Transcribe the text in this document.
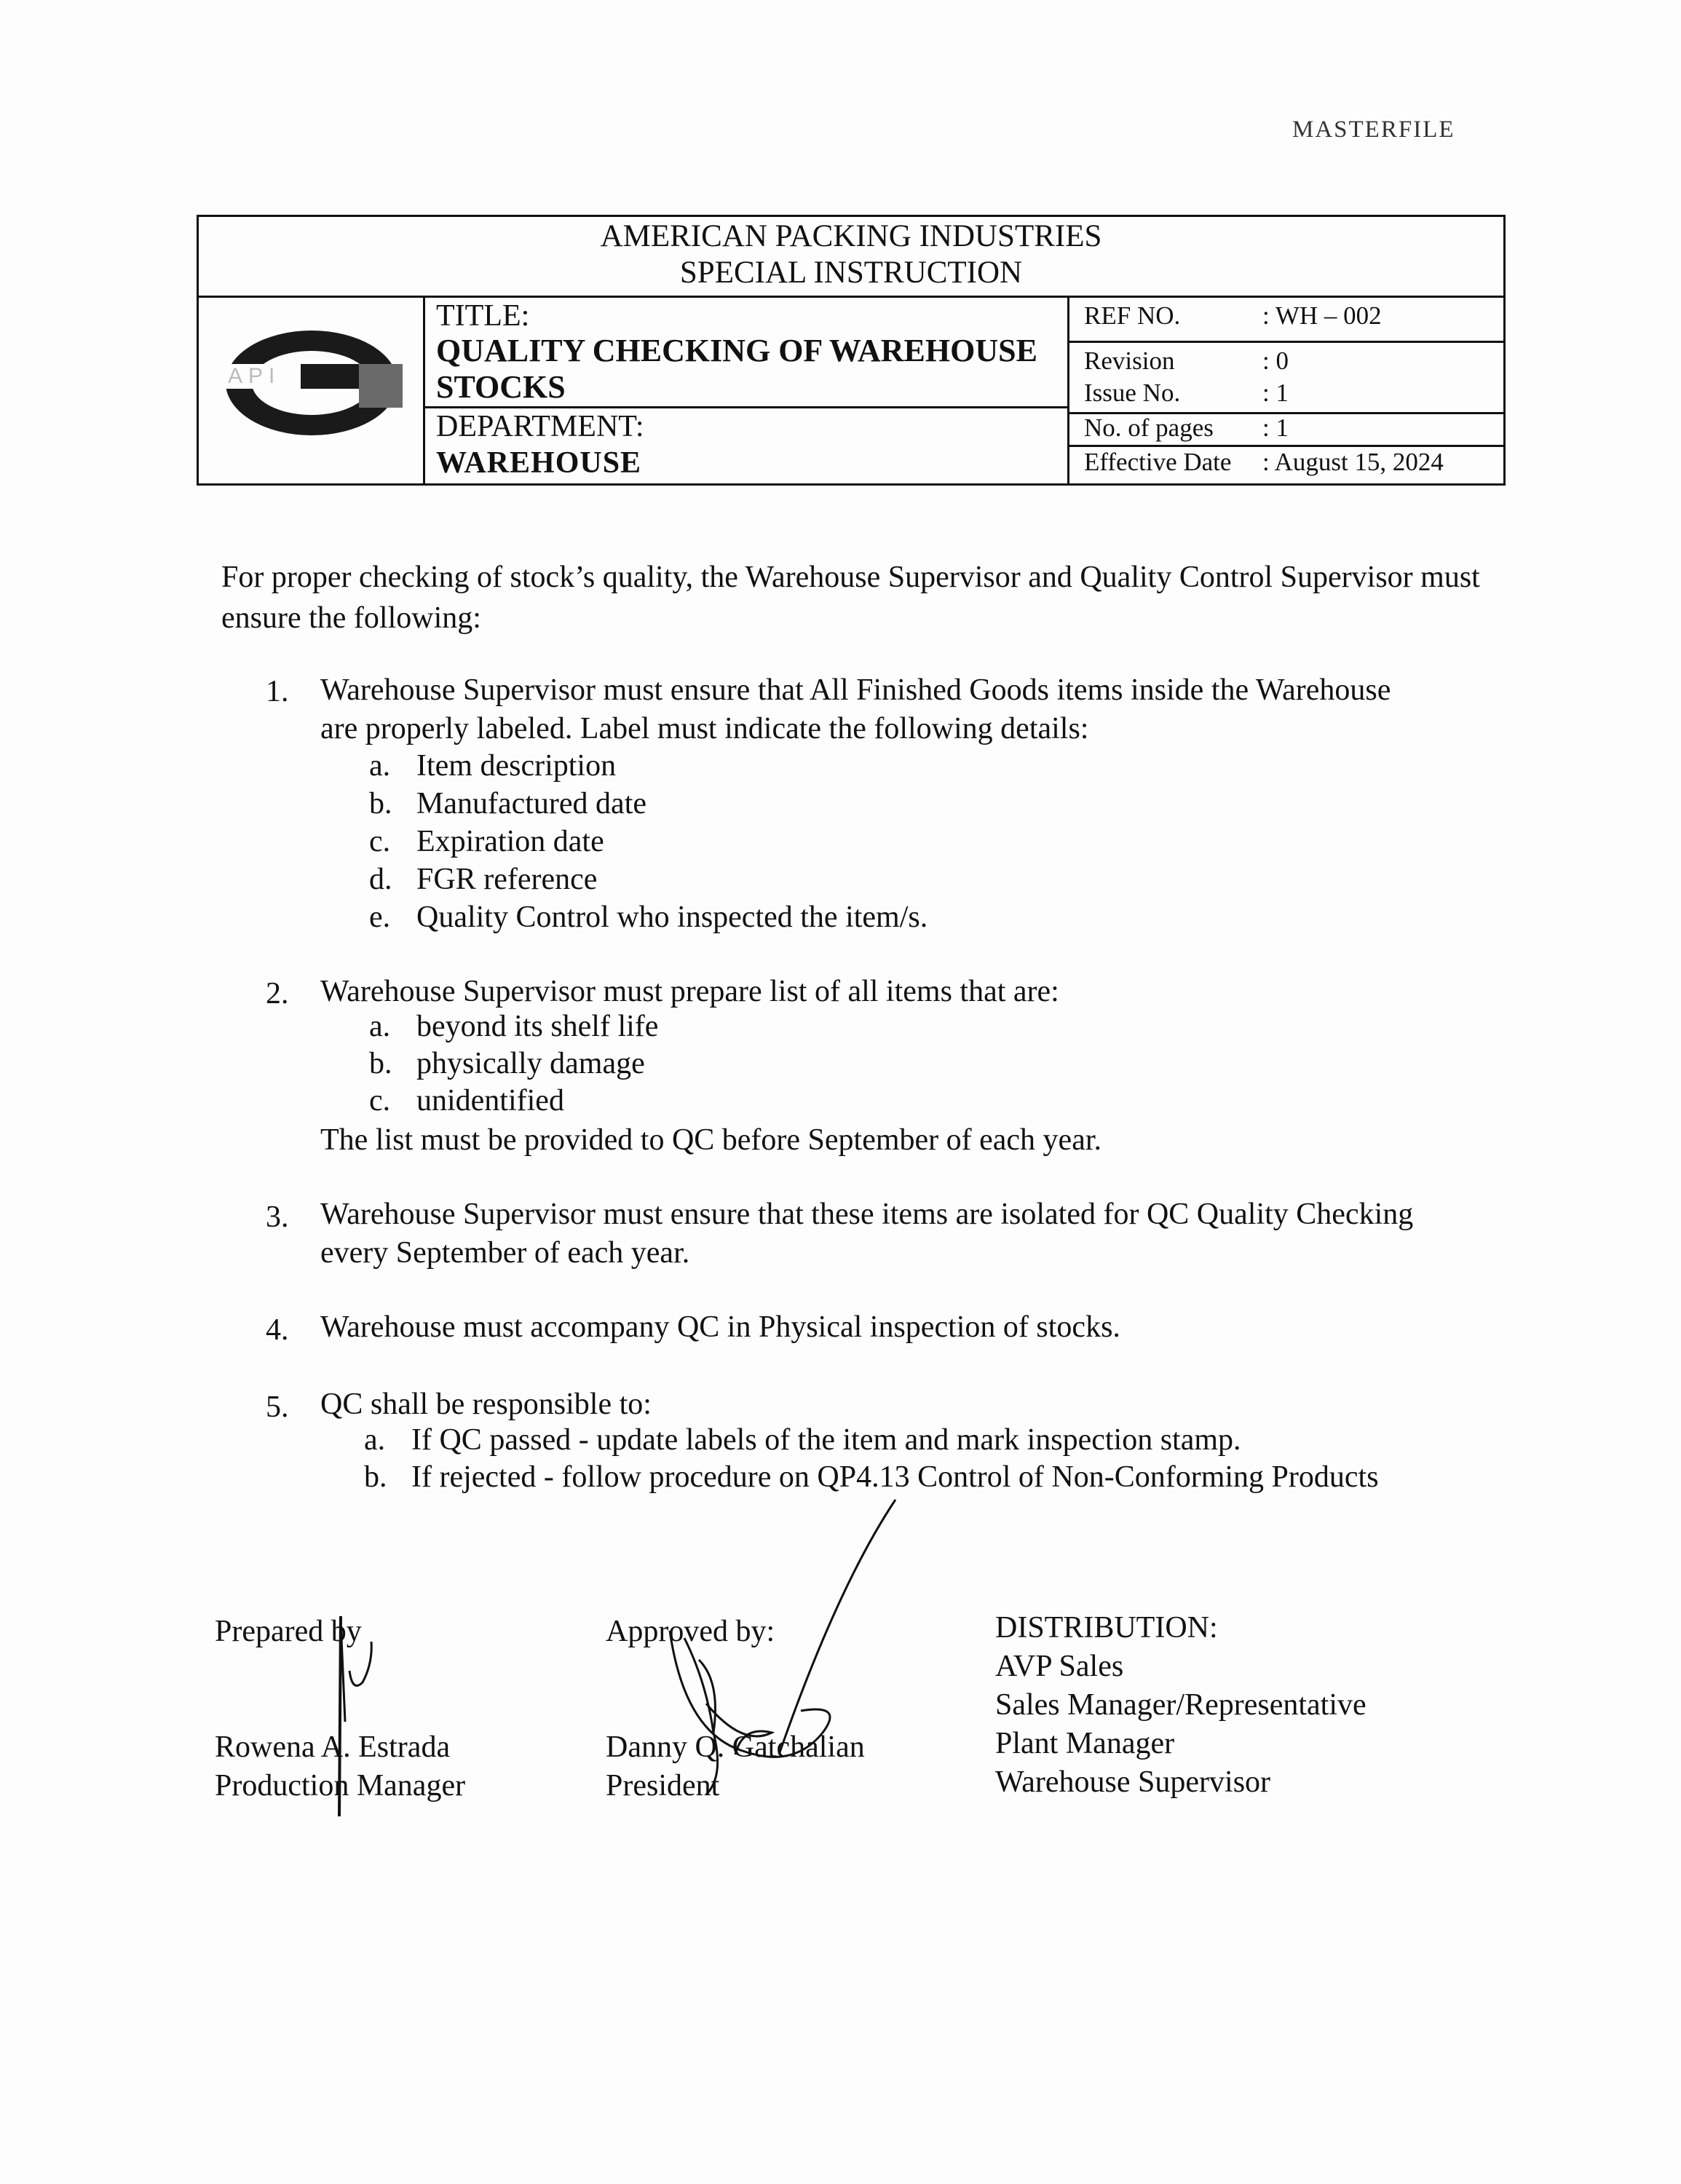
MASTERFILE
AMERICAN PACKING INDUSTRIES
SPECIAL INSTRUCTION
API
TITLE:
QUALITY CHECKING OF WAREHOUSE
STOCKS
DEPARTMENT:
WAREHOUSE
REF NO.	: WH – 002
Revision	: 0
Issue No.	: 1
No. of pages : 1
Effective Date : August 15, 2024
For proper checking of stock’s quality, the Warehouse Supervisor and Quality Control Supervisor must ensure the following:
1. Warehouse Supervisor must ensure that All Finished Goods items inside the Warehouse
are properly labeled. Label must indicate the following details:
a. Item description
b. Manufactured date
c. Expiration date
d. FGR reference
e. Quality Control who inspected the item/s.
2. Warehouse Supervisor must prepare list of all items that are:
a. beyond its shelf life
b. physically damage
c. unidentified
The list must be provided to QC before September of each year.
3. Warehouse Supervisor must ensure that these items are isolated for QC Quality Checking
every September of each year.
4. Warehouse must accompany QC in Physical inspection of stocks.
5. QC shall be responsible to:
a. If QC passed - update labels of the item and mark inspection stamp.
b. If rejected - follow procedure on QP4.13 Control of Non-Conforming Products
Prepared by
Rowena A. Estrada
Production Manager
Approved by:
Danny Q. Gatchalian
President
DISTRIBUTION:
AVP Sales
Sales Manager/Representative
Plant Manager
Warehouse Supervisor
